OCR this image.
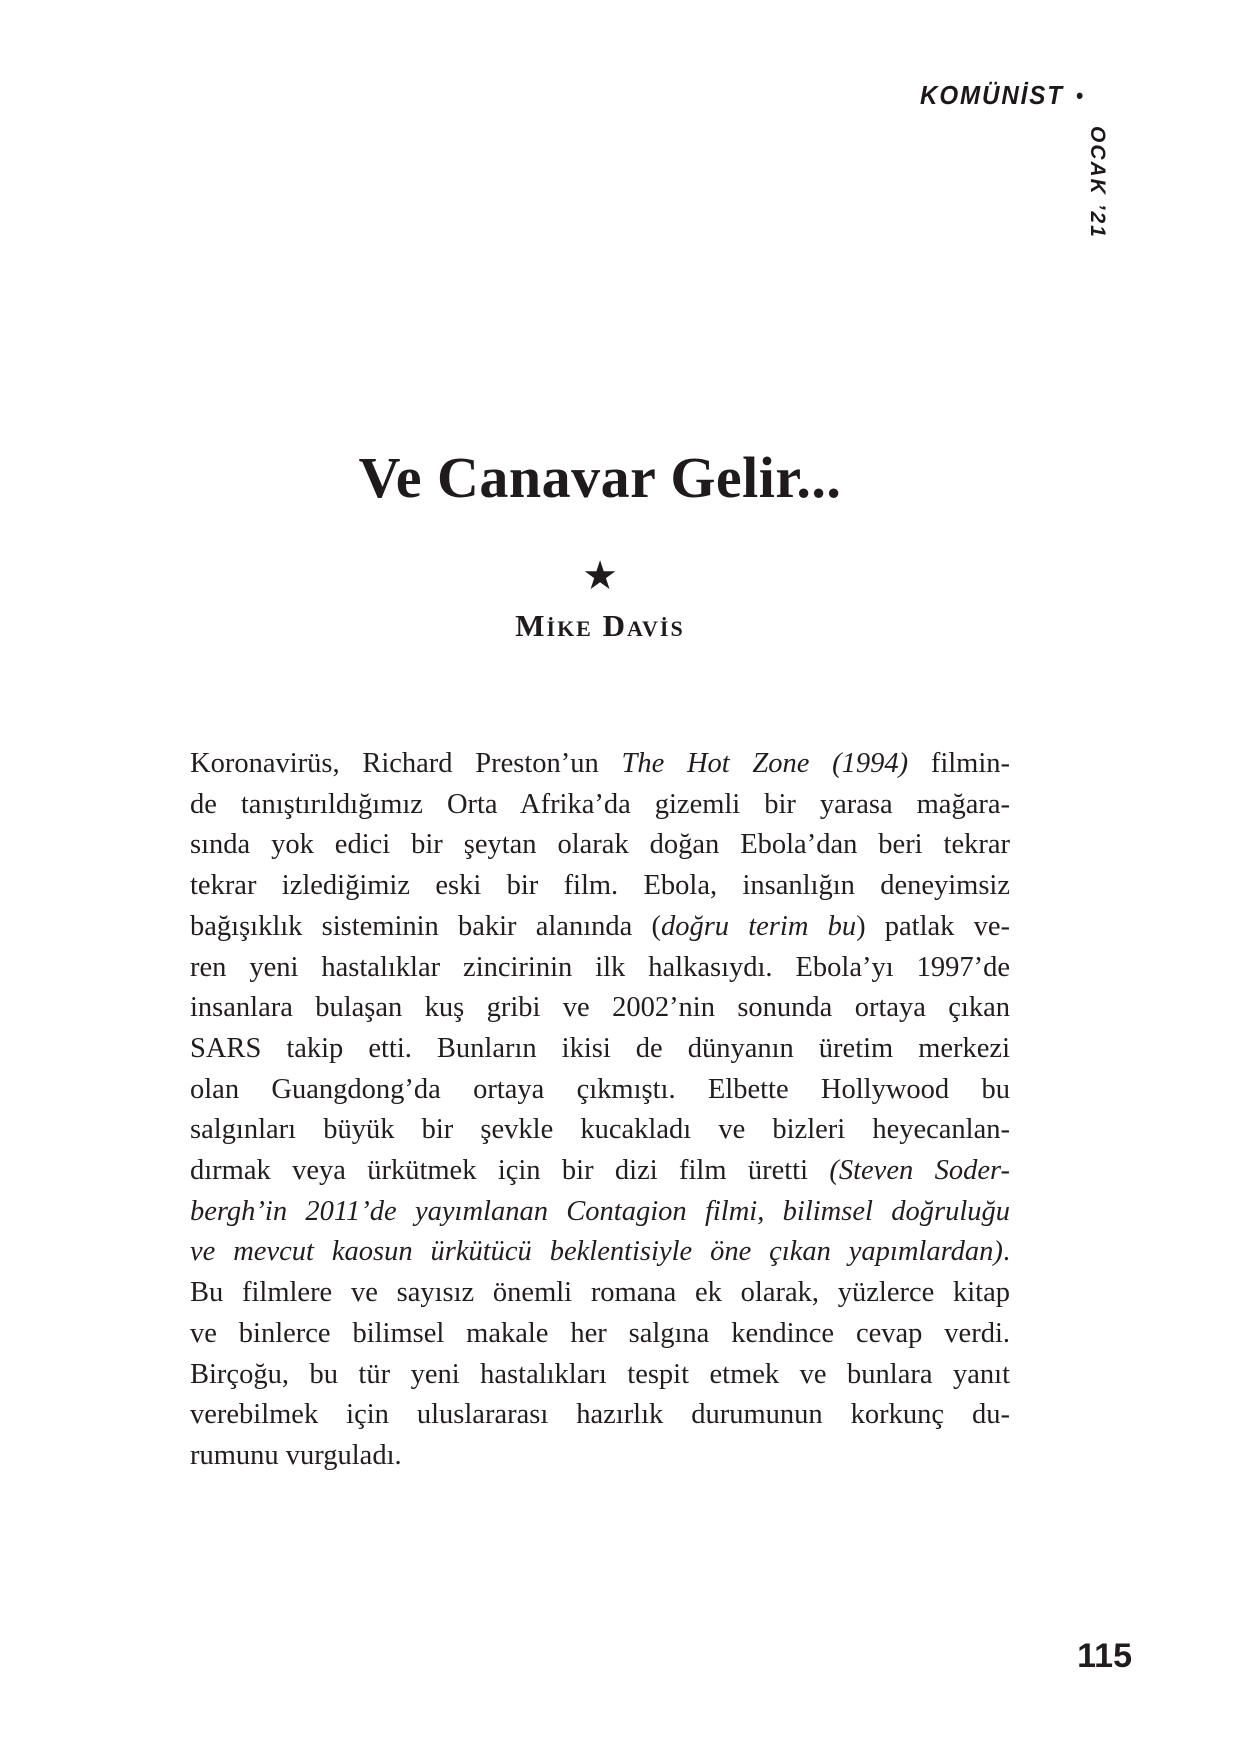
KOMÜNİST •
OCAK ’21
Ve Canavar Gelir...
★
Mike Davis
Koronavirüs, Richard Preston’un The Hot Zone (1994) filmin-
de tanıştırıldığımız Orta Afrika’da gizemli bir yarasa mağara-
sında yok edici bir şeytan olarak doğan Ebola’dan beri tekrar
tekrar izlediğimiz eski bir film. Ebola, insanlığın deneyimsiz
bağışıklık sisteminin bakir alanında (doğru terim bu) patlak ve-
ren yeni hastalıklar zincirinin ilk halkasıydı. Ebola’yı 1997’de
insanlara bulaşan kuş gribi ve 2002’nin sonunda ortaya çıkan
SARS takip etti. Bunların ikisi de dünyanın üretim merkezi
olan Guangdong’da ortaya çıkmıştı. Elbette Hollywood bu
salgınları büyük bir şevkle kucakladı ve bizleri heyecanlan-
dırmak veya ürkütmek için bir dizi film üretti (Steven Soder-
bergh’in 2011’de yayımlanan Contagion filmi, bilimsel doğruluğu
ve mevcut kaosun ürkütücü beklentisiyle öne çıkan yapımlardan).
Bu filmlere ve sayısız önemli romana ek olarak, yüzlerce kitap
ve binlerce bilimsel makale her salgına kendince cevap verdi.
Birçoğu, bu tür yeni hastalıkları tespit etmek ve bunlara yanıt
verebilmek için uluslararası hazırlık durumunun korkunç du-
rumunu vurguladı.
115
